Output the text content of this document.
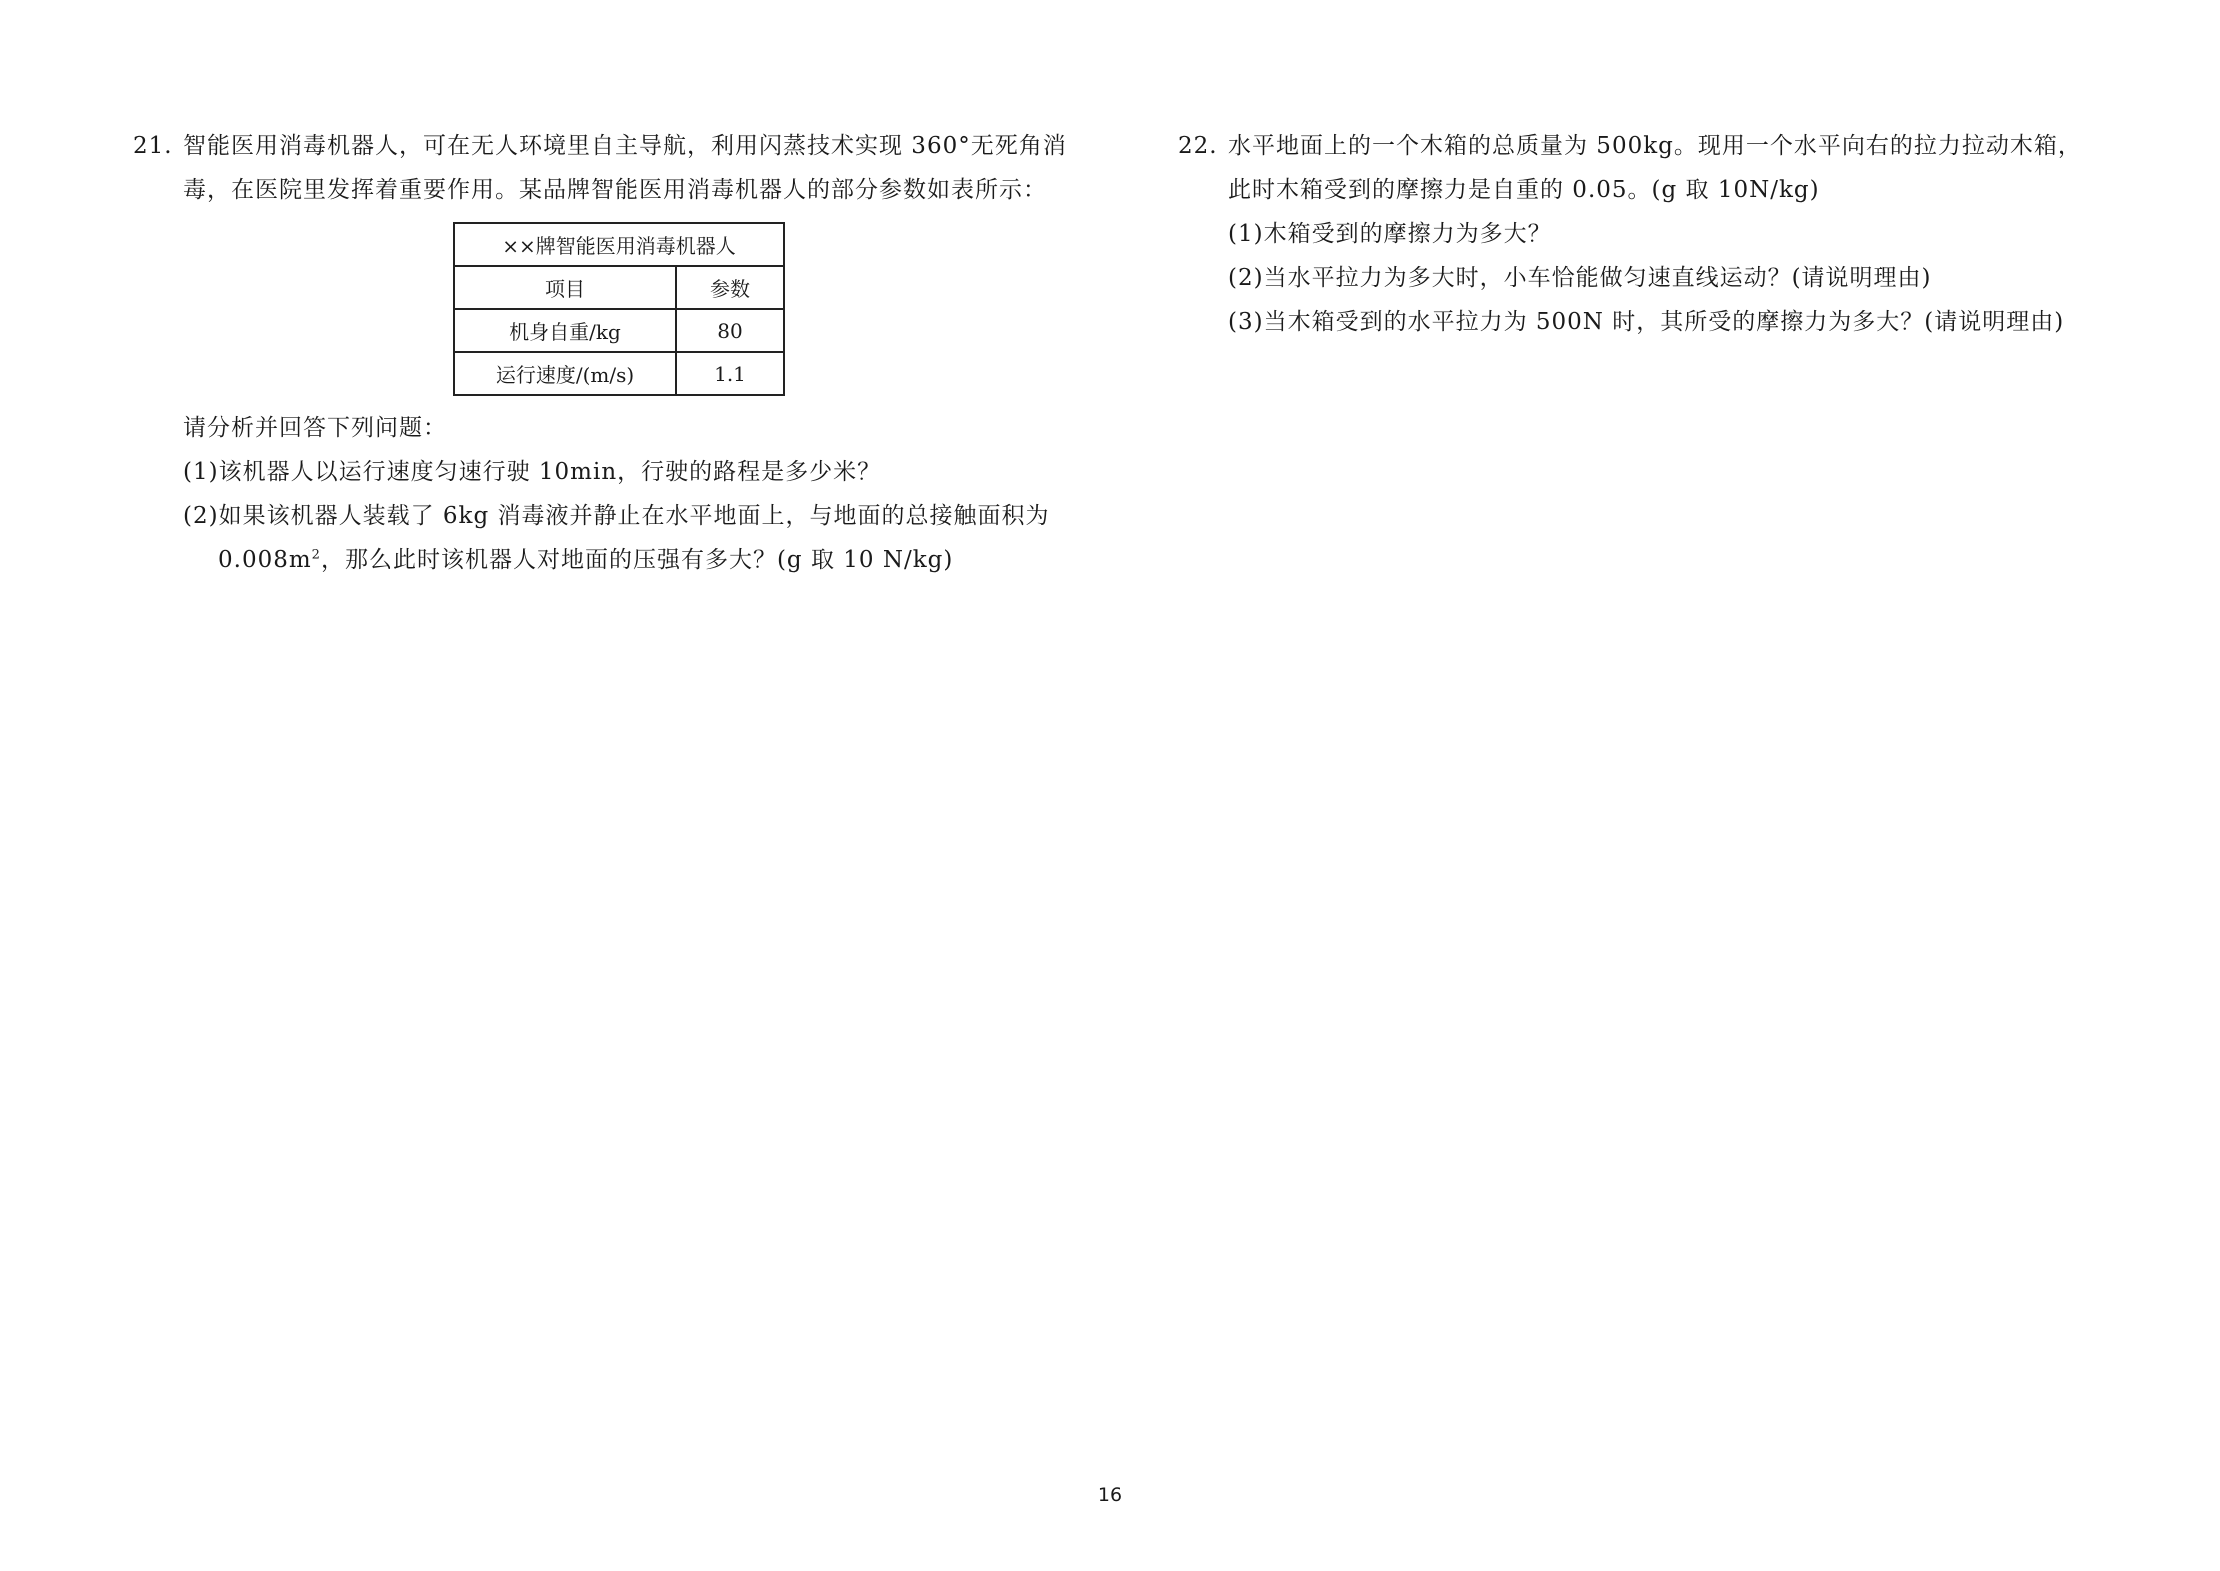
21. 智能医用消毒机器人，可在无人环境里自主导航，利用闪蒸技术实现 360°无死角消
毒，在医院里发挥着重要作用。某品牌智能医用消毒机器人的部分参数如表所示：
××牌智能医用消毒机器人	
项目	参数
机身自重/kg	80
运行速度/(m/s)	1.1
请分析并回答下列问题：
(1)该机器人以运行速度匀速行驶 10min，行驶的路程是多少米？
(2)如果该机器人装载了 6kg 消毒液并静止在水平地面上，与地面的总接触面积为
$0.008m^2$，那么此时该机器人对地面的压强有多大？(g 取 10 N/kg)
22. 水平地面上的一个木箱的总质量为 500kg。现用一个水平向右的拉力拉动木箱，
此时木箱受到的摩擦力是自重的 0.05。(g 取 10N/kg)
(1)木箱受到的摩擦力为多大？
(2)当水平拉力为多大时，小车恰能做匀速直线运动？(请说明理由)
(3)当木箱受到的水平拉力为 500N 时，其所受的摩擦力为多大？(请说明理由)
16
